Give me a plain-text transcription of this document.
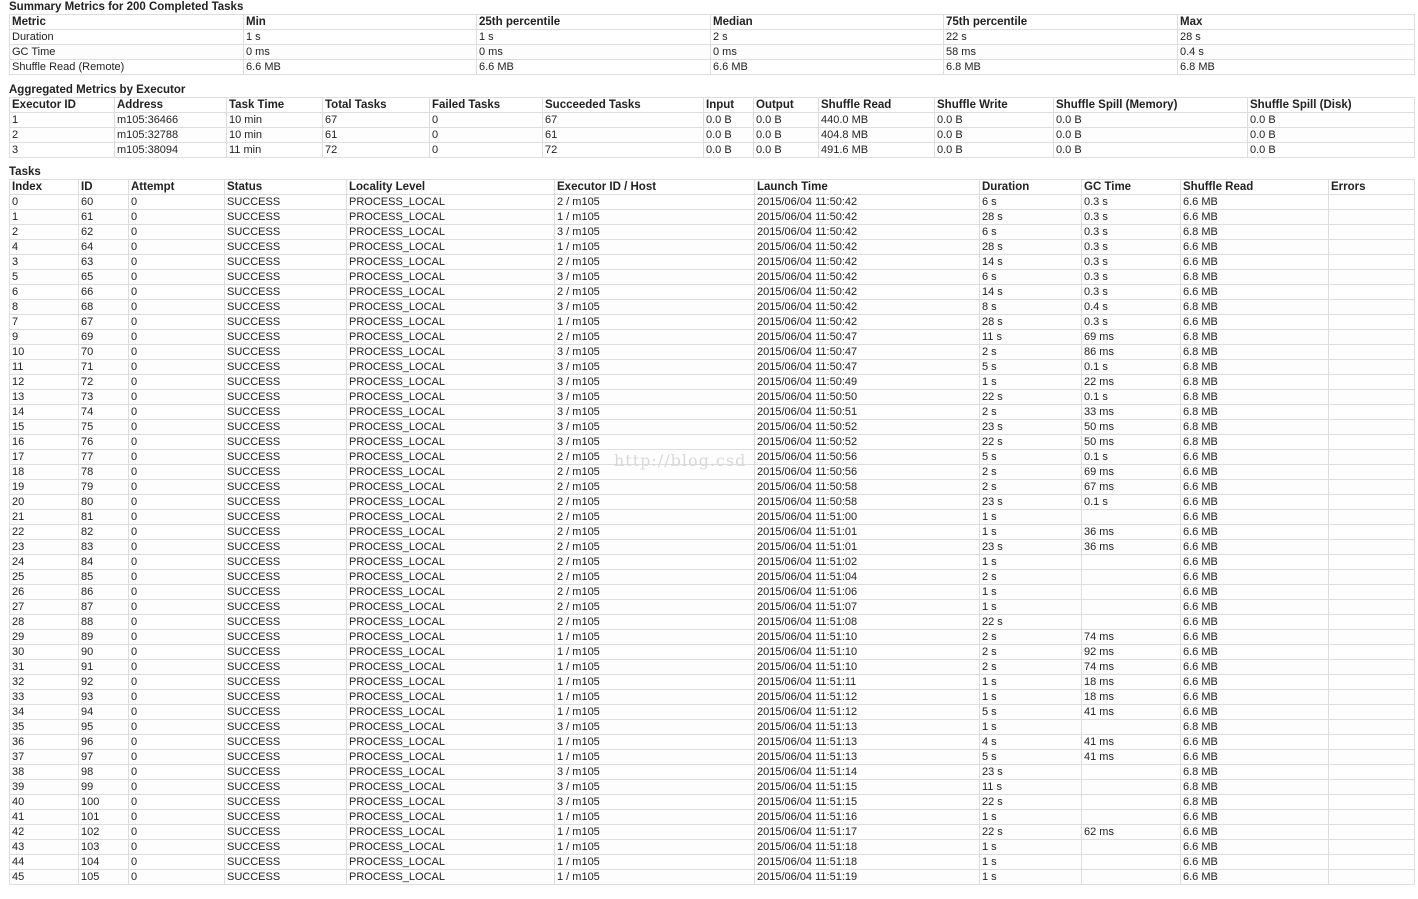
Summary Metrics for 200 Completed Tasks
Metric	Min	25th percentile	Median	75th percentile	Max
Duration	1 s	1 s	2 s	22 s	28 s
GC Time	0 ms	0 ms	0 ms	58 ms	0.4 s
Shuffle Read (Remote)	6.6 MB	6.6 MB	6.6 MB	6.8 MB	6.8 MB
Aggregated Metrics by Executor
Executor ID	Address	Task Time	Total Tasks	Failed Tasks	Succeeded Tasks	Input	Output	Shuffle Read	Shuffle Write	Shuffle Spill (Memory)	Shuffle Spill (Disk)
1	m105:36466	10 min	67	0	67	0.0 B	0.0 B	440.0 MB	0.0 B	0.0 B	0.0 B
2	m105:32788	10 min	61	0	61	0.0 B	0.0 B	404.8 MB	0.0 B	0.0 B	0.0 B
3	m105:38094	11 min	72	0	72	0.0 B	0.0 B	491.6 MB	0.0 B	0.0 B	0.0 B
Tasks
Index	ID	Attempt	Status	Locality Level	Executor ID / Host	Launch Time	Duration	GC Time	Shuffle Read	Errors
0	60	0	SUCCESS	PROCESS_LOCAL	2 / m105	2015/06/04 11:50:42	6 s	0.3 s	6.6 MB	
1	61	0	SUCCESS	PROCESS_LOCAL	1 / m105	2015/06/04 11:50:42	28 s	0.3 s	6.6 MB	
2	62	0	SUCCESS	PROCESS_LOCAL	3 / m105	2015/06/04 11:50:42	6 s	0.3 s	6.8 MB	
4	64	0	SUCCESS	PROCESS_LOCAL	1 / m105	2015/06/04 11:50:42	28 s	0.3 s	6.6 MB	
3	63	0	SUCCESS	PROCESS_LOCAL	2 / m105	2015/06/04 11:50:42	14 s	0.3 s	6.6 MB	
5	65	0	SUCCESS	PROCESS_LOCAL	3 / m105	2015/06/04 11:50:42	6 s	0.3 s	6.8 MB	
6	66	0	SUCCESS	PROCESS_LOCAL	2 / m105	2015/06/04 11:50:42	14 s	0.3 s	6.6 MB	
8	68	0	SUCCESS	PROCESS_LOCAL	3 / m105	2015/06/04 11:50:42	8 s	0.4 s	6.8 MB	
7	67	0	SUCCESS	PROCESS_LOCAL	1 / m105	2015/06/04 11:50:42	28 s	0.3 s	6.6 MB	
9	69	0	SUCCESS	PROCESS_LOCAL	2 / m105	2015/06/04 11:50:47	11 s	69 ms	6.8 MB	
10	70	0	SUCCESS	PROCESS_LOCAL	3 / m105	2015/06/04 11:50:47	2 s	86 ms	6.8 MB	
11	71	0	SUCCESS	PROCESS_LOCAL	3 / m105	2015/06/04 11:50:47	5 s	0.1 s	6.8 MB	
12	72	0	SUCCESS	PROCESS_LOCAL	3 / m105	2015/06/04 11:50:49	1 s	22 ms	6.8 MB	
13	73	0	SUCCESS	PROCESS_LOCAL	3 / m105	2015/06/04 11:50:50	22 s	0.1 s	6.8 MB	
14	74	0	SUCCESS	PROCESS_LOCAL	3 / m105	2015/06/04 11:50:51	2 s	33 ms	6.8 MB	
15	75	0	SUCCESS	PROCESS_LOCAL	3 / m105	2015/06/04 11:50:52	23 s	50 ms	6.8 MB	
16	76	0	SUCCESS	PROCESS_LOCAL	3 / m105	2015/06/04 11:50:52	22 s	50 ms	6.8 MB	
17	77	0	SUCCESS	PROCESS_LOCAL	2 / m105	2015/06/04 11:50:56	5 s	0.1 s	6.6 MB	
18	78	0	SUCCESS	PROCESS_LOCAL	2 / m105	2015/06/04 11:50:56	2 s	69 ms	6.6 MB	
19	79	0	SUCCESS	PROCESS_LOCAL	2 / m105	2015/06/04 11:50:58	2 s	67 ms	6.6 MB	
20	80	0	SUCCESS	PROCESS_LOCAL	2 / m105	2015/06/04 11:50:58	23 s	0.1 s	6.6 MB	
21	81	0	SUCCESS	PROCESS_LOCAL	2 / m105	2015/06/04 11:51:00	1 s		6.6 MB	
22	82	0	SUCCESS	PROCESS_LOCAL	2 / m105	2015/06/04 11:51:01	1 s	36 ms	6.6 MB	
23	83	0	SUCCESS	PROCESS_LOCAL	2 / m105	2015/06/04 11:51:01	23 s	36 ms	6.6 MB	
24	84	0	SUCCESS	PROCESS_LOCAL	2 / m105	2015/06/04 11:51:02	1 s		6.6 MB	
25	85	0	SUCCESS	PROCESS_LOCAL	2 / m105	2015/06/04 11:51:04	2 s		6.6 MB	
26	86	0	SUCCESS	PROCESS_LOCAL	2 / m105	2015/06/04 11:51:06	1 s		6.6 MB	
27	87	0	SUCCESS	PROCESS_LOCAL	2 / m105	2015/06/04 11:51:07	1 s		6.6 MB	
28	88	0	SUCCESS	PROCESS_LOCAL	2 / m105	2015/06/04 11:51:08	22 s		6.6 MB	
29	89	0	SUCCESS	PROCESS_LOCAL	1 / m105	2015/06/04 11:51:10	2 s	74 ms	6.6 MB	
30	90	0	SUCCESS	PROCESS_LOCAL	1 / m105	2015/06/04 11:51:10	2 s	92 ms	6.6 MB	
31	91	0	SUCCESS	PROCESS_LOCAL	1 / m105	2015/06/04 11:51:10	2 s	74 ms	6.6 MB	
32	92	0	SUCCESS	PROCESS_LOCAL	1 / m105	2015/06/04 11:51:11	1 s	18 ms	6.6 MB	
33	93	0	SUCCESS	PROCESS_LOCAL	1 / m105	2015/06/04 11:51:12	1 s	18 ms	6.6 MB	
34	94	0	SUCCESS	PROCESS_LOCAL	1 / m105	2015/06/04 11:51:12	5 s	41 ms	6.6 MB	
35	95	0	SUCCESS	PROCESS_LOCAL	3 / m105	2015/06/04 11:51:13	1 s		6.8 MB	
36	96	0	SUCCESS	PROCESS_LOCAL	1 / m105	2015/06/04 11:51:13	4 s	41 ms	6.6 MB	
37	97	0	SUCCESS	PROCESS_LOCAL	1 / m105	2015/06/04 11:51:13	5 s	41 ms	6.6 MB	
38	98	0	SUCCESS	PROCESS_LOCAL	3 / m105	2015/06/04 11:51:14	23 s		6.8 MB	
39	99	0	SUCCESS	PROCESS_LOCAL	3 / m105	2015/06/04 11:51:15	11 s		6.8 MB	
40	100	0	SUCCESS	PROCESS_LOCAL	3 / m105	2015/06/04 11:51:15	22 s		6.8 MB	
41	101	0	SUCCESS	PROCESS_LOCAL	1 / m105	2015/06/04 11:51:16	1 s		6.6 MB	
42	102	0	SUCCESS	PROCESS_LOCAL	1 / m105	2015/06/04 11:51:17	22 s	62 ms	6.6 MB	
43	103	0	SUCCESS	PROCESS_LOCAL	1 / m105	2015/06/04 11:51:18	1 s		6.6 MB	
44	104	0	SUCCESS	PROCESS_LOCAL	1 / m105	2015/06/04 11:51:18	1 s		6.6 MB	
45	105	0	SUCCESS	PROCESS_LOCAL	1 / m105	2015/06/04 11:51:19	1 s		6.6 MB	
http://blog.csd
